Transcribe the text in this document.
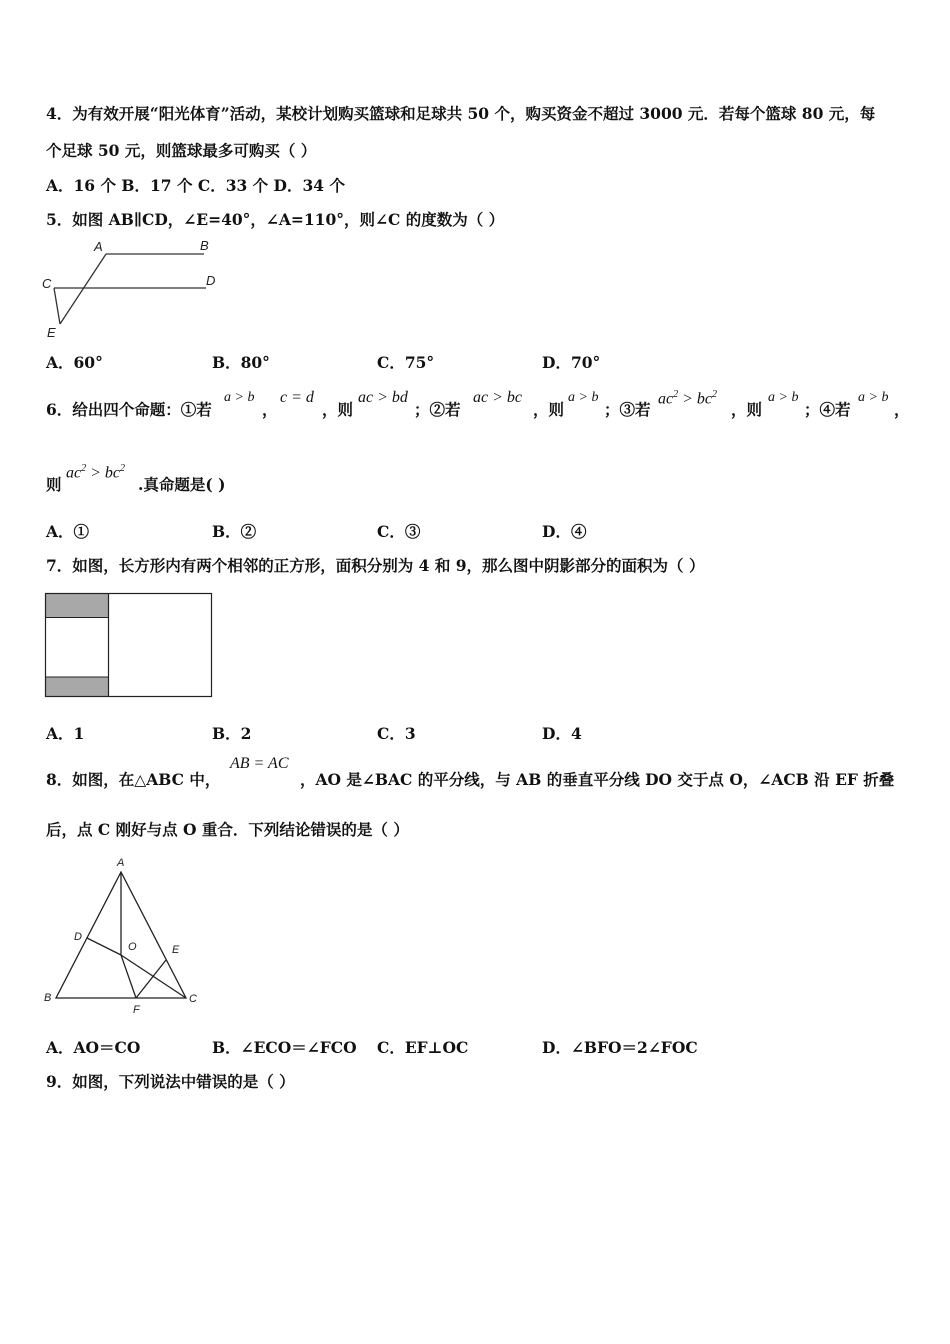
4．为有效开展“阳光体育”活动，某校计划购买篮球和足球共 50 个，购买资金不超过 3000 元．若每个篮球 80 元，每
个足球 50 元，则篮球最多可购买（ ）
A．16 个 B．17 个 C．33 个 D．34 个
5．如图 AB∥CD，∠E=40°，∠A=110°，则∠C 的度数为（ ）
A	B
C	D
E
A．60°	B．80°	C．75°	D．70°
6．给出四个命题：①若
a > b
，
c = d
，则
ac > bd
；②若
ac > bc
，则
a > b
；③若
$ac^2 > bc^2$
，则
a > b
；④若
a > b
，
则
$ac^2 > bc^2$
.真命题是( )
A．①	B．②	C．③	D．④
7．如图，长方形内有两个相邻的正方形，面积分别为 4 和 9，那么图中阴影部分的面积为（ ）
A．1	B．2	C．3	D．4
8．如图，在△ABC 中，
AB = AC
，AO 是∠BAC 的平分线，与 AB 的垂直平分线 DO 交于点 O，∠ACB 沿 EF 折叠
后，点 C 刚好与点 O 重合．下列结论错误的是（ ）
A
B	C
D
E
F
O
A．AO＝CO	B．∠ECO＝∠FCO C．EF⊥OC	D．∠BFO＝2∠FOC
9．如图，下列说法中错误的是（ ）
